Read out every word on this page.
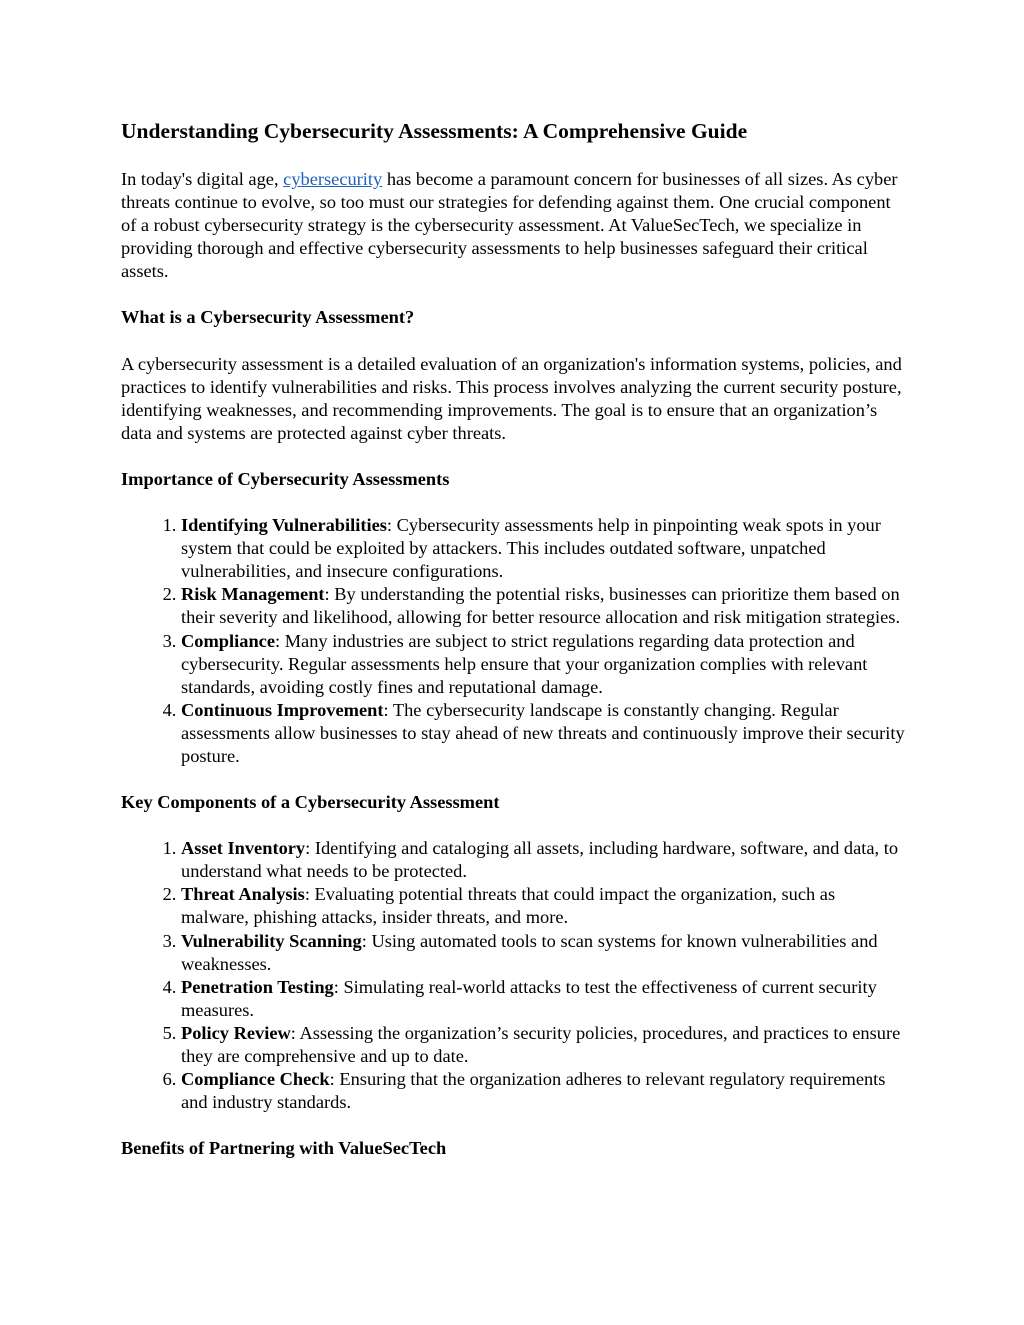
Understanding Cybersecurity Assessments: A Comprehensive Guide

In today's digital age, cybersecurity has become a paramount concern for businesses of all sizes. As cyber threats continue to evolve, so too must our strategies for defending against them. One crucial component of a robust cybersecurity strategy is the cybersecurity assessment. At ValueSecTech, we specialize in providing thorough and effective cybersecurity assessments to help businesses safeguard their critical assets.

What is a Cybersecurity Assessment?

A cybersecurity assessment is a detailed evaluation of an organization's information systems, policies, and practices to identify vulnerabilities and risks. This process involves analyzing the current security posture, identifying weaknesses, and recommending improvements. The goal is to ensure that an organization’s data and systems are protected against cyber threats.

Importance of Cybersecurity Assessments
1. Identifying Vulnerabilities: Cybersecurity assessments help in pinpointing weak spots in your system that could be exploited by attackers. This includes outdated software, unpatched vulnerabilities, and insecure configurations.
2. Risk Management: By understanding the potential risks, businesses can prioritize them based on their severity and likelihood, allowing for better resource allocation and risk mitigation strategies.
3. Compliance: Many industries are subject to strict regulations regarding data protection and cybersecurity. Regular assessments help ensure that your organization complies with relevant standards, avoiding costly fines and reputational damage.
4. Continuous Improvement: The cybersecurity landscape is constantly changing. Regular assessments allow businesses to stay ahead of new threats and continuously improve their security posture.
Key Components of a Cybersecurity Assessment
1. Asset Inventory: Identifying and cataloging all assets, including hardware, software, and data, to understand what needs to be protected.
2. Threat Analysis: Evaluating potential threats that could impact the organization, such as malware, phishing attacks, insider threats, and more.
3. Vulnerability Scanning: Using automated tools to scan systems for known vulnerabilities and weaknesses.
4. Penetration Testing: Simulating real-world attacks to test the effectiveness of current security measures.
5. Policy Review: Assessing the organization’s security policies, procedures, and practices to ensure they are comprehensive and up to date.
6. Compliance Check: Ensuring that the organization adheres to relevant regulatory requirements and industry standards.
Benefits of Partnering with ValueSecTech
